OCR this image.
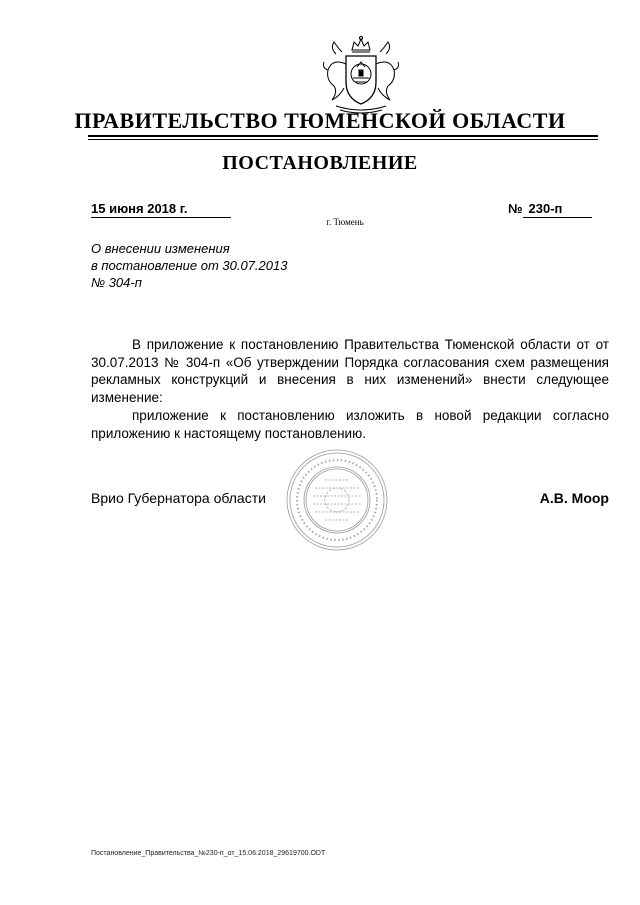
ПРАВИТЕЛЬСТВО ТЮМЕНСКОЙ ОБЛАСТИ
ПОСТАНОВЛЕНИЕ
15 июня 2018 г.	№ 230-п
г. Тюмень
О внесении изменения
в постановление от 30.07.2013
№ 304-п

В приложение к постановлению Правительства Тюменской области от от 30.07.2013 № 304-п «Об утверждении Порядка согласования схем размещения рекламных конструкций и внесения в них изменений» внести следующее изменение:

приложение к постановлению изложить в новой редакции согласно приложению к настоящему постановлению.

Врио Губернатора области	А.В. Моор
Постановление_Правительства_№230-п_от_15.06.2018_29619700.ODT
